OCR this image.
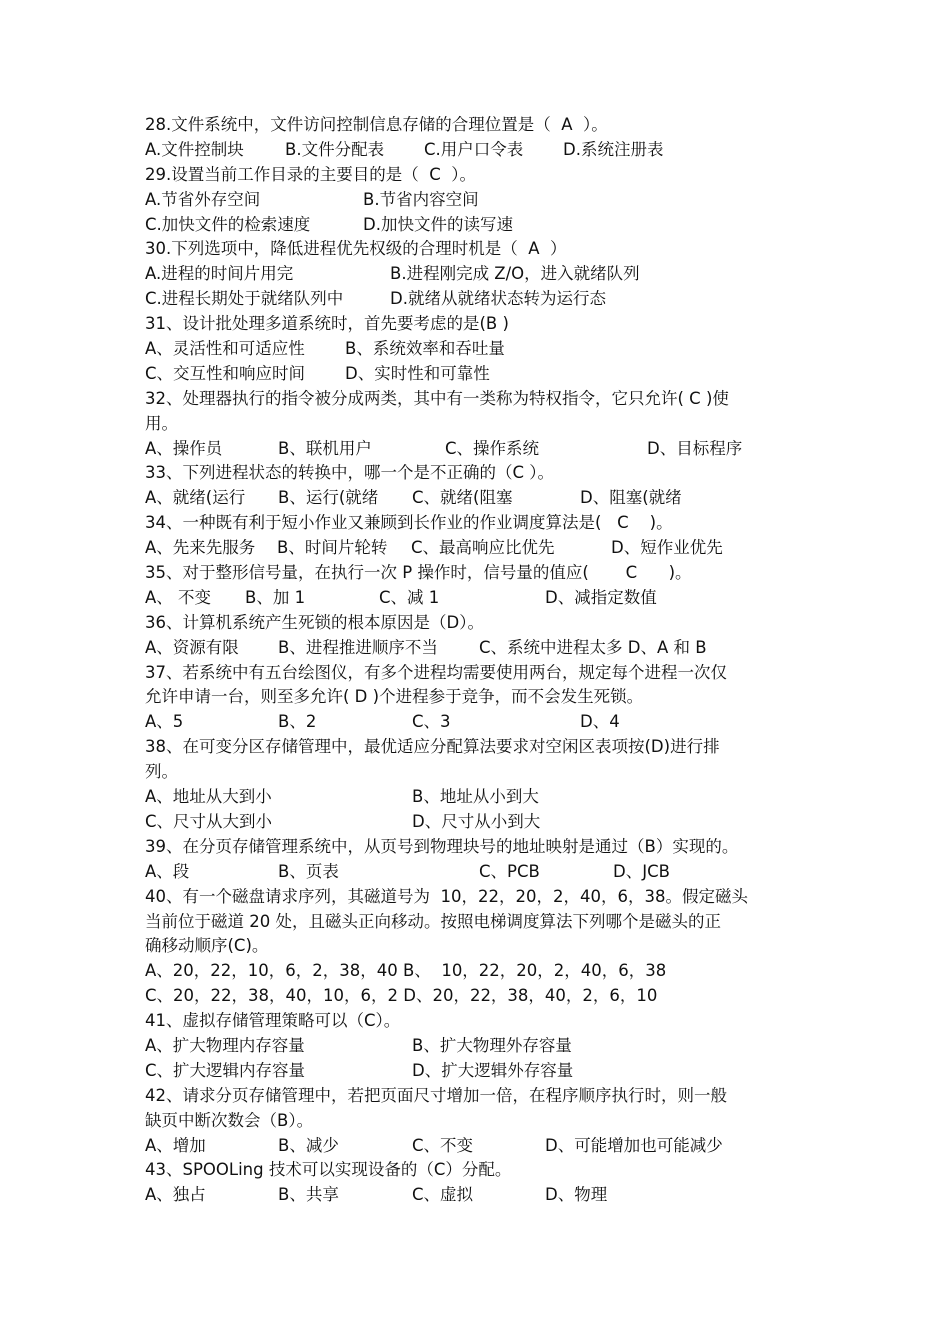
28.文件系统中，文件访问控制信息存储的合理位置是（  A  ）。
A.文件控制块	B.文件分配表 C.用户口令表 D.系统注册表
29.设置当前工作目录的主要目的是（  C  ）。
A.节省外存空间	B.节省内容空间
C.加快文件的检索速度	D.加快文件的读写速
30.下列选项中，降低进程优先权级的合理时机是（  A  ）
A.进程的时间片用完	B.进程刚完成 Z/O，进入就绪队列
C.进程长期处于就绪队列中	D.就绪从就绪状态转为运行态
31、设计批处理多道系统时，首先要考虑的是(B )
A、灵活性和可适应性 B、系统效率和吞吐量
C、交互性和响应时间 D、实时性和可靠性
32、处理器执行的指令被分成两类，其中有一类称为特权指令，它只允许( C )使
用。
A、操作员	B、联机用户	C、操作系统	D、目标程序
33、下列进程状态的转换中，哪一个是不正确的（C ）。
A、就绪(运行 B、运行(就绪 C、就绪(阻塞	D、阻塞(就绪
34、一种既有利于短小作业又兼顾到长作业的作业调度算法是(   C    )。
A、先来先服务 B、时间片轮转 C、最高响应比优先	D、短作业优先
35、对于整形信号量，在执行一次 P 操作时，信号量的值应(       C      )。
A、 不变 B、加 1	C、减 1	D、减指定数值
36、计算机系统产生死锁的根本原因是（D）。
A、资源有限 B、进程推进顺序不当 C、系统中进程太多 D、A 和 B
37、若系统中有五台绘图仪，有多个进程均需要使用两台，规定每个进程一次仅
允许申请一台，则至多允许( D )个进程参于竞争，而不会发生死锁。
A、5	B、2	C、3	D、4
38、在可变分区存储管理中，最优适应分配算法要求对空闲区表项按(D)进行排
列。
A、地址从大到小	B、地址从小到大
C、尺寸从大到小	D、尺寸从小到大
39、在分页存储管理系统中，从页号到物理块号的地址映射是通过（B）实现的。
A、段	B、页表	C、PCB	D、JCB
40、有一个磁盘请求序列，其磁道号为  10，22，20，2，40，6，38。假定磁头
当前位于磁道 20 处，且磁头正向移动。按照电梯调度算法下列哪个是磁头的正
确移动顺序(C)。
A、20，22，10，6，2，38，40 B、  10，22，20，2，40，6，38
C、20，22，38，40，10，6，2 D、20，22，38，40，2，6，10
41、虚拟存储管理策略可以（C）。
A、扩大物理内存容量	B、扩大物理外存容量
C、扩大逻辑内存容量	D、扩大逻辑外存容量
42、请求分页存储管理中，若把页面尺寸增加一倍，在程序顺序执行时，则一般
缺页中断次数会（B）。
A、增加	B、减少	C、不变	D、可能增加也可能减少
43、SPOOLing 技术可以实现设备的（C）分配。
A、独占	B、共享	C、虚拟	D、物理
